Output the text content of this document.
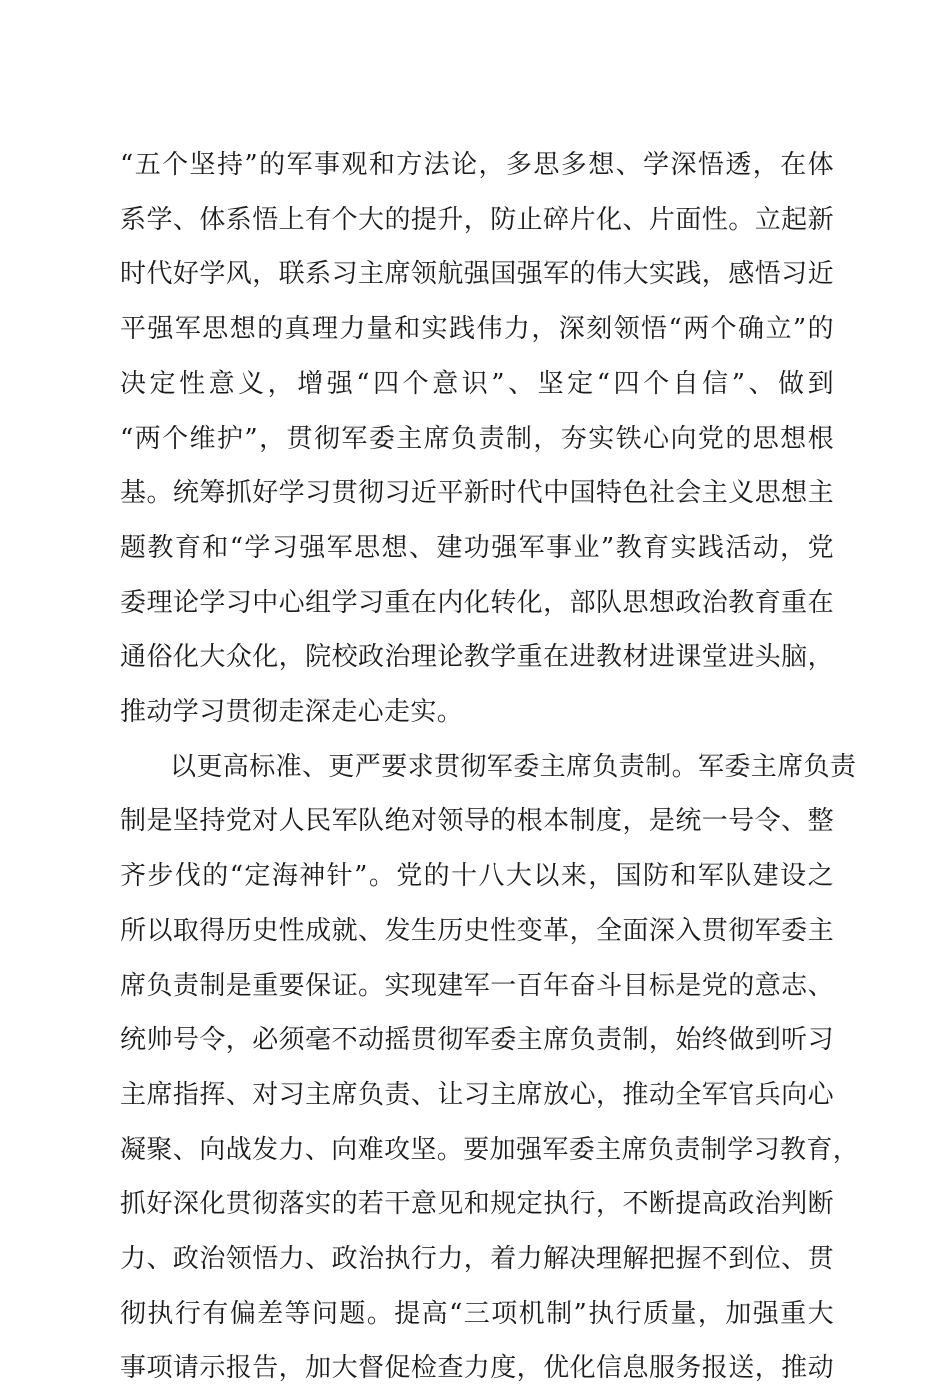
“五个坚持”的军事观和方法论，多思多想、学深悟透，在体
系学、体系悟上有个大的提升，防止碎片化、片面性。立起新
时代好学风，联系习主席领航强国强军的伟大实践，感悟习近
平强军思想的真理力量和实践伟力，深刻领悟“两个确立”的
决定性意义，增强“四个意识”、坚定“四个自信”、做到
“两个维护”，贯彻军委主席负责制，夯实铁心向党的思想根
基。统筹抓好学习贯彻习近平新时代中国特色社会主义思想主
题教育和“学习强军思想、建功强军事业”教育实践活动，党
委理论学习中心组学习重在内化转化，部队思想政治教育重在
通俗化大众化，院校政治理论教学重在进教材进课堂进头脑，
推动学习贯彻走深走心走实。
以更高标准、更严要求贯彻军委主席负责制。军委主席负责
制是坚持党对人民军队绝对领导的根本制度，是统一号令、整
齐步伐的“定海神针”。党的十八大以来，国防和军队建设之
所以取得历史性成就、发生历史性变革，全面深入贯彻军委主
席负责制是重要保证。实现建军一百年奋斗目标是党的意志、
统帅号令，必须毫不动摇贯彻军委主席负责制，始终做到听习
主席指挥、对习主席负责、让习主席放心，推动全军官兵向心
凝聚、向战发力、向难攻坚。要加强军委主席负责制学习教育，
抓好深化贯彻落实的若干意见和规定执行，不断提高政治判断
力、政治领悟力、政治执行力，着力解决理解把握不到位、贯
彻执行有偏差等问题。提高“三项机制”执行质量，加强重大
事项请示报告，加大督促检查力度，优化信息服务报送，推动
